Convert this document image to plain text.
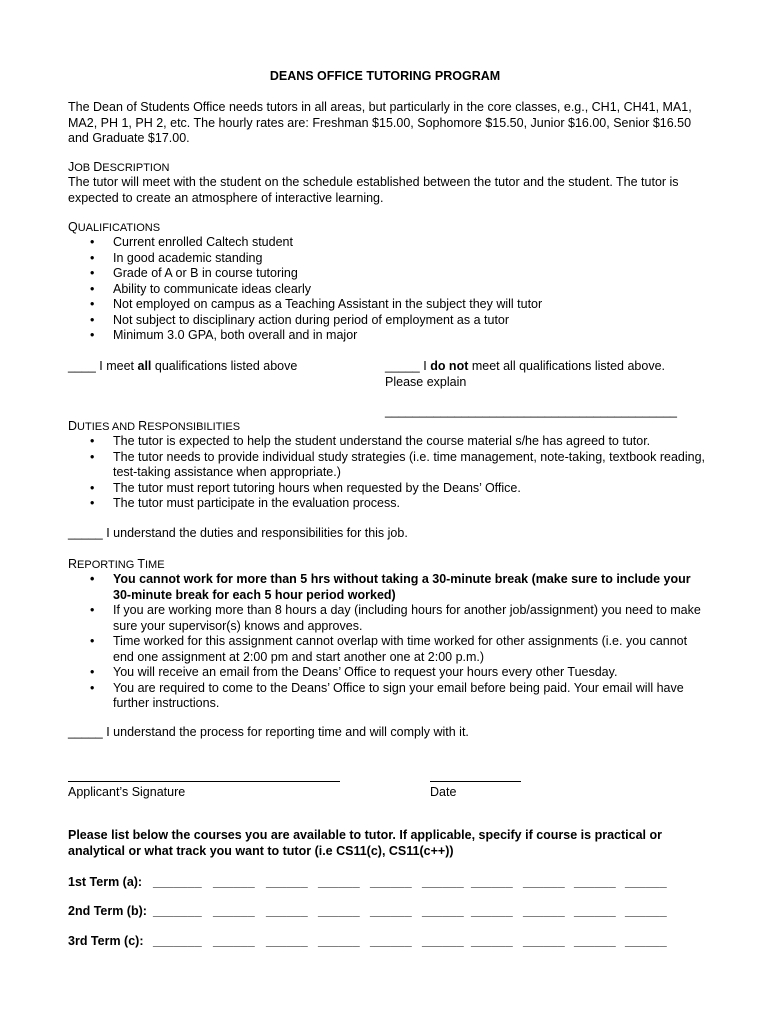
DEANS OFFICE TUTORING PROGRAM

The Dean of Students Office needs tutors in all areas, but particularly in the core classes, e.g., CH1, CH41, MA1, MA2, PH 1, PH 2, etc. The hourly rates are: Freshman $15.00, Sophomore $15.50, Junior $16.00, Senior $16.50 and Graduate $17.00.

JOB DESCRIPTION

The tutor will meet with the student on the schedule established between the tutor and the student. The tutor is expected to create an atmosphere of interactive learning.

QUALIFICATIONS

• Current enrolled Caltech student
• In good academic standing
• Grade of A or B in course tutoring
• Ability to communicate ideas clearly
• Not employed on campus as a Teaching Assistant in the subject they will tutor
• Not subject to disciplinary action during period of employment as a tutor
• Minimum 3.0 GPA, both overall and in major

____ I meet all qualifications listed above	_____ I do not meet all qualifications listed above.

Please explain

__________________________________________

DUTIES AND RESPONSIBILITIES

• The tutor is expected to help the student understand the course material s/he has agreed to tutor.
• The tutor needs to provide individual study strategies (i.e. time management, note-taking, textbook reading, test-taking assistance when appropriate.)
• The tutor must report tutoring hours when requested by the Deans’ Office.
• The tutor must participate in the evaluation process.

_____ I understand the duties and responsibilities for this job.

REPORTING TIME

• You cannot work for more than 5 hrs without taking a 30-minute break (make sure to include your 30-minute break for each 5 hour period worked)
• If you are working more than 8 hours a day (including hours for another job/assignment) you need to make sure your supervisor(s) knows and approves.
• Time worked for this assignment cannot overlap with time worked for other assignments (i.e. you cannot end one assignment at 2:00 pm and start another one at 2:00 p.m.)
• You will receive an email from the Deans’ Office to request your hours every other Tuesday.
• You are required to come to the Deans’ Office to sign your email before being paid. Your email will have further instructions.

_____ I understand the process for reporting time and will comply with it.

Applicant’s Signature	Date

Please list below the courses you are available to tutor. If applicable, specify if course is practical or analytical or what track you want to tutor (i.e CS11(c), CS11(c++))

1st Term (a): _______ ______ ______ ______ ______ ______ ______ ______ ______ ______
2nd Term (b): _______ ______ ______ ______ ______ ______ ______ ______ ______ ______
3rd Term (c): _______ ______ ______ ______ ______ ______ ______ ______ ______ ______
